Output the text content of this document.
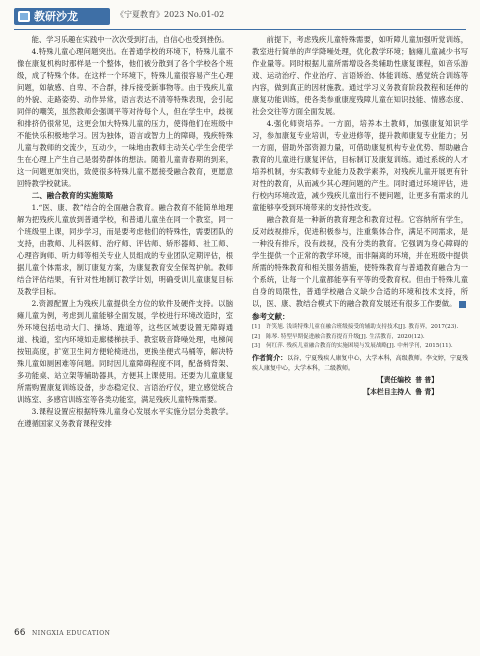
教研沙龙	《宁夏教育》2023 No.01-02

能、学习乐趣在实践中一次次受到打击，自信心也受到挫伤。

4.特殊儿童心理问题突出。在普通学校的环境下，特殊儿童不像在康复机构时那样是一个整体，他们被分散到了各个学校各个班级，成了特殊个体。在这样一个环境下，特殊儿童很容易产生心理问题，如敏感、自卑、不合群，排斥接受新事物等。由于残疾儿童的外貌、走路姿势、动作异常，语言表达不清等特殊表现，会引起同伴的嘲笑，虽然教师会强调平等对待每个人，但在学生中，歧视和排挤仍很常见，这更会加大特殊儿童的压力，使得他们在班级中不能快乐积极地学习。因为独体，语言或智力上的障碍，残疾特殊儿童与教师的交流少，互动少，一味地由教师主动关心学生会使学生在心理上产生自己是弱势群体的想法。随着儿童青春期的到来，这一问题更加突出，致使很多特殊儿童不愿接受融合教育，更愿意回特教学校就读。

二、融合教育的实施策略

1.“医、康、教”结合的全面融合教育。融合教育不能简单地理解为把残疾儿童放到普通学校，和普通儿童坐在同一个教室，同一个班级里上课，同步学习，而是要考虑他们的特殊性，需要团队的支持，由教师、儿科医师、治疗师、评估师、矫形器师、社工师、心理咨询师、听力师等相关专业人员组成的专业团队定期评估，根据儿童个体需求，制订康复方案，为康复教育安全保驾护航。教师结合评估结果，有针对性地制订教学计划，明确受训儿童康复目标及教学目标。

2.资源配置上为残疾儿童提供全方位的软件及硬件支持。以脑瘫儿童为例，考虑到儿童能够全面发展，学校进行环境改造时，室外环境包括电动大门、操场、跑道等，这些区域要设置无障碍通道、栈道，室内环境如走廊楼梯扶手、教室吸音降噪处理，电梯间按钮高度，扩宽卫生间方便轮椅进出，更换坐便式马桶等，解决特殊儿童如厕困难等问题。同时因儿童障碍程度不同，配备椅背架、多功能桌、站立架等辅助器具，方便其上课使用。还要为儿童康复所需购置康复训练设备，步态稳定仪、言语治疗仪，建立感觉统合训练室、多感官训练室等各类功能室，满足残疾儿童特殊需要。

3.课程设置应根据特殊儿童身心发展水平实施分层分类教学。在遵循国家义务教育课程安排

前提下，考虑残疾儿童特殊需要，如听障儿童加强听觉训练，教室进行简单的声学降噪处理，优化教学环境；脑瘫儿童减少书写作业量等。同时根据儿童所需增设各类辅助性康复课程，如音乐游戏、运动治疗、作业治疗、言语矫治、体能训练、感觉统合训练等内容，做到真正的因材施教。通过学习义务教育阶段教程和延伸的康复功能训练，使各类参重康度残障儿童在知识技能、情感态度、社会交往等方面全面发展。

4.强化师资培养。一方面，培养本土教师，加强康复知识学习，参加康复专业培训，专业进修等，提升教师康复专业能力；另一方面，借助外部资源力量，可借助康复机构专业优势、帮助融合教育的儿童进行康复评估，目标制订及康复训练。通过系统的人才培养机制，夯实教师专业能力及教学素养，对残疾儿童开展更有针对性的教育，从而减少其心理问题的产生。同时通过环境评估，进行校内环境改造，减少残疾儿童出行不便问题，让更多有需求的儿童能够享受到环境带来的支持性改变。

融合教育是一种新的教育理念和教育过程。它容纳所有学生，反对歧视排斥，促进积极参与，注重集体合作，满足不同需求，是一种没有排斥，没有歧视，没有分类的教育。它强调为身心障碍的学生提供一个正常的教学环境，而非隔离的环境，并在班级中提供所需的特殊教育和相关服务措施，使特殊教育与普通教育融合为一个系统，让每一个儿童都能享有平等的受教育权。但由于特殊儿童自身的局限性，普通学校融合义缺少合适的环境和技术支持，所以，医、康、教结合模式下的融合教育发展还有很多工作要做。

参考文献：

[1] 许笑旭. 浅谈特殊儿童在融合班级接受的辅助支持技术[J]. 教育界，2017(23).

[2] 陈琴. 特型早期促进融合教育提育升级[J]. 生活教育，2020(12).

[3] 何红萍. 残疾儿童融合教育的实施困境与发展战略[J]. 中州学刊，2015(11).

作者简介：以谷，宁夏残疾人康复中心，大学本科，高级教师。李文婷，宁夏残疾人康复中心，大学本科，二级教师。

【责任编校 普 普】

【本栏目主持人 鲁 青】

66 NINGXIA EDUCATION
